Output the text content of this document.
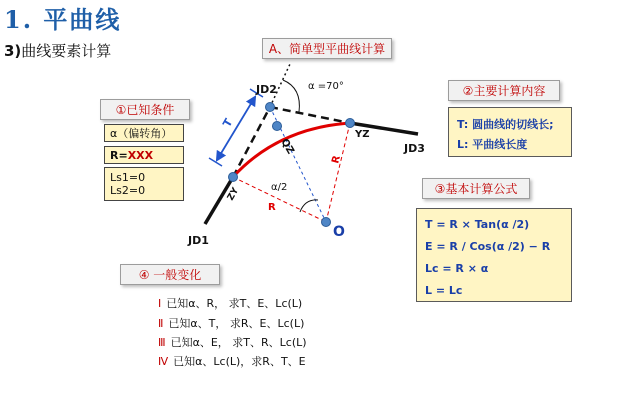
1. 平曲线
3)曲线要素计算	A、简单型平曲线计算
JD2
JD1
JD3
YZ
ZY
QZ
O
α =70°
T
R
R
α/2
①已知条件
α（偏转角）
R= XXX
Ls1=0
Ls2=0
②主要计算内容
T: 圆曲线的切线长;
L: 平曲线长度
③基本计算公式
T = R × Tan(α /2)
E = R / Cos(α /2) − R
Lc = R × α
L = Lc
④ 一般变化
Ⅰ 已知α、R， 求T、E、Lc(L)
Ⅱ 已知α、T， 求R、E、Lc(L)
Ⅲ 已知α、E， 求T、R、Lc(L)
Ⅳ 已知α、Lc(L)，求R、T、E
